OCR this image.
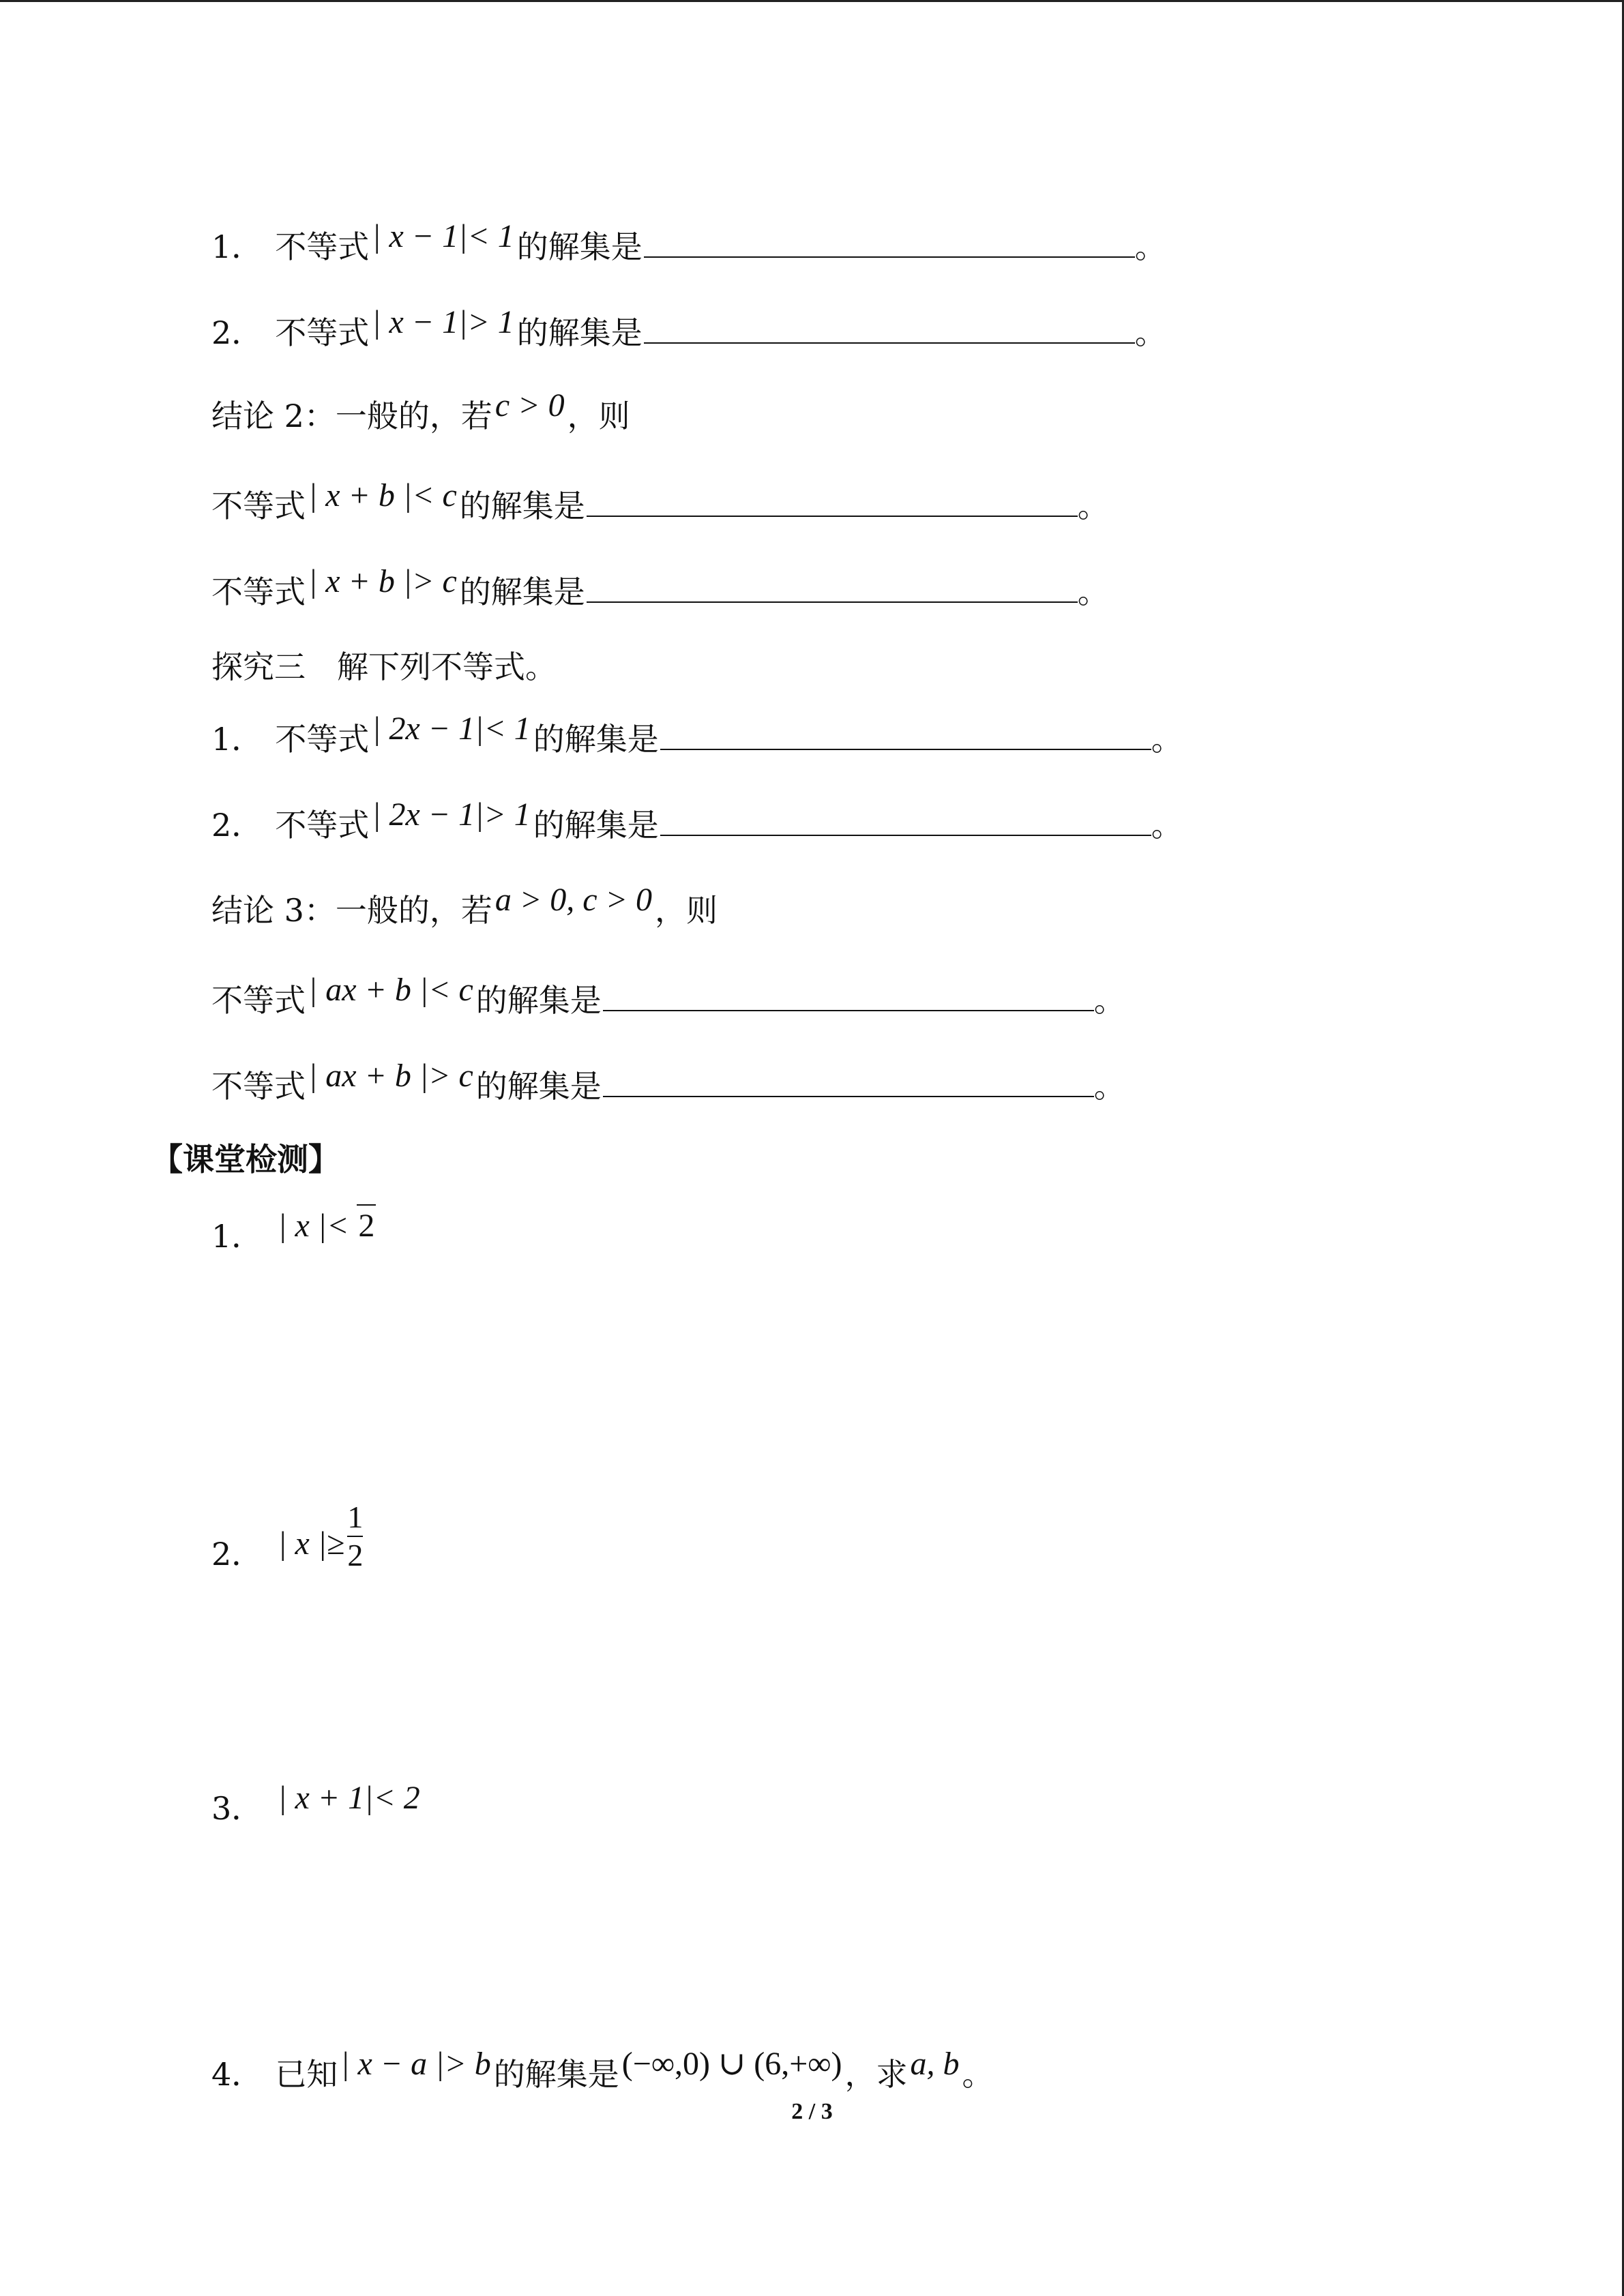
1． 不等式| x − 1|< 1的解集是	。
2． 不等式| x − 1|> 1的解集是	。
结论 2：一般的，若c > 0，则
不等式| x + b |< c的解集是	。
不等式| x + b |> c的解集是	。
探究三　解下列不等式。
1． 不等式| 2x − 1|< 1的解集是	。
2． 不等式| 2x − 1|> 1的解集是	。
结论 3：一般的，若a > 0, c > 0，则
不等式| ax + b |< c的解集是	。
不等式| ax + b |> c的解集是	。
【课堂检测】
1． | x |< 2
2． | x |≥ $\frac{1}{2}$
3． | x + 1|< 2
4． 已知| x − a |> b的解集是(−∞,0) ∪ (6,+∞)，求a, b。
2 / 3
